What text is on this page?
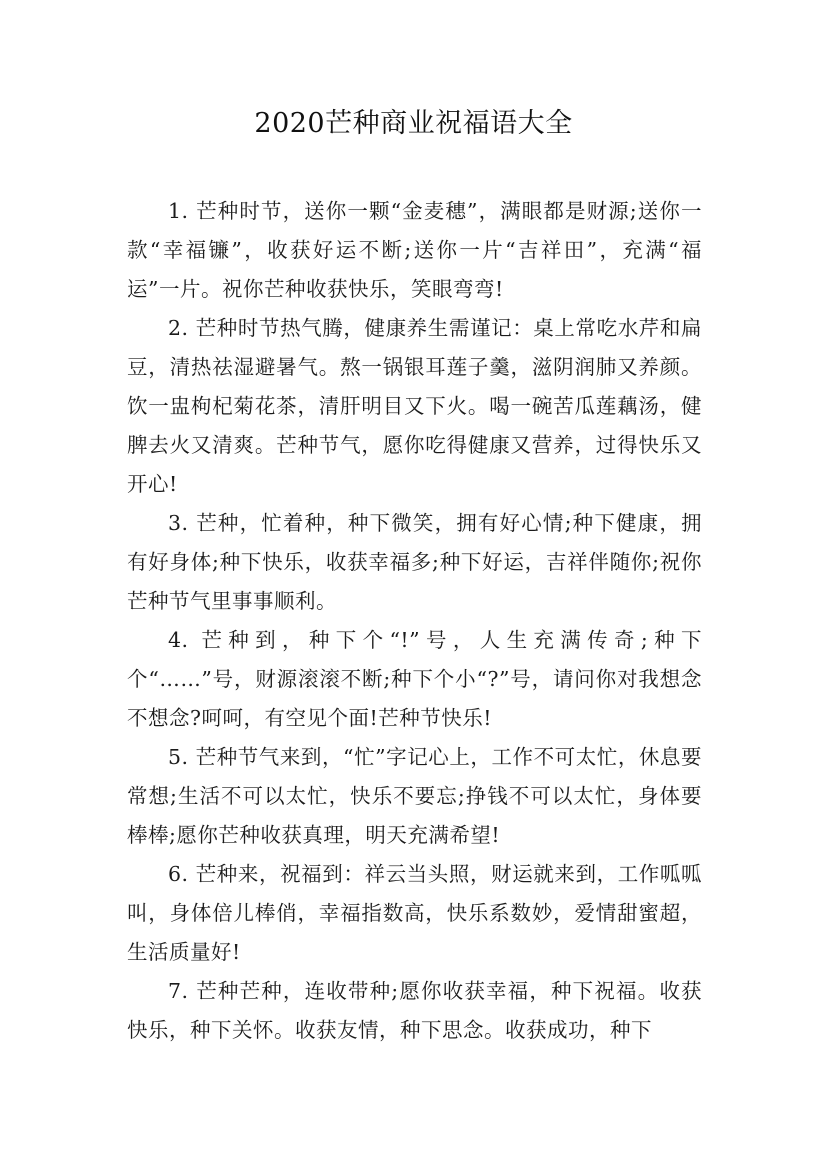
2020芒种商业祝福语大全

1. 芒种时节，送你一颗“金麦穗”，满眼都是财源;送你一款“幸福镰”，收获好运不断;送你一片“吉祥田”，充满“福运”一片。祝你芒种收获快乐，笑眼弯弯!

2. 芒种时节热气腾，健康养生需谨记：桌上常吃水芹和扁豆，清热祛湿避暑气。熬一锅银耳莲子羹，滋阴润肺又养颜。饮一盅枸杞菊花茶，清肝明目又下火。喝一碗苦瓜莲藕汤，健脾去火又清爽。芒种节气，愿你吃得健康又营养，过得快乐又开心!

3. 芒种，忙着种，种下微笑，拥有好心情;种下健康，拥有好身体;种下快乐，收获幸福多;种下好运，吉祥伴随你;祝你芒种节气里事事顺利。

4. 芒种到，种下个“!”号，人生充满传奇;种下个“……”号，财源滚滚不断;种下个小“?”号，请问你对我想念不想念?呵呵，有空见个面!芒种节快乐!

5. 芒种节气来到，“忙”字记心上，工作不可太忙，休息要常想;生活不可以太忙，快乐不要忘;挣钱不可以太忙，身体要棒棒;愿你芒种收获真理，明天充满希望!

6. 芒种来，祝福到：祥云当头照，财运就来到，工作呱呱叫，身体倍儿棒俏，幸福指数高，快乐系数妙，爱情甜蜜超，生活质量好!

7. 芒种芒种，连收带种;愿你收获幸福，种下祝福。收获快乐，种下关怀。收获友情，种下思念。收获成功，种下
